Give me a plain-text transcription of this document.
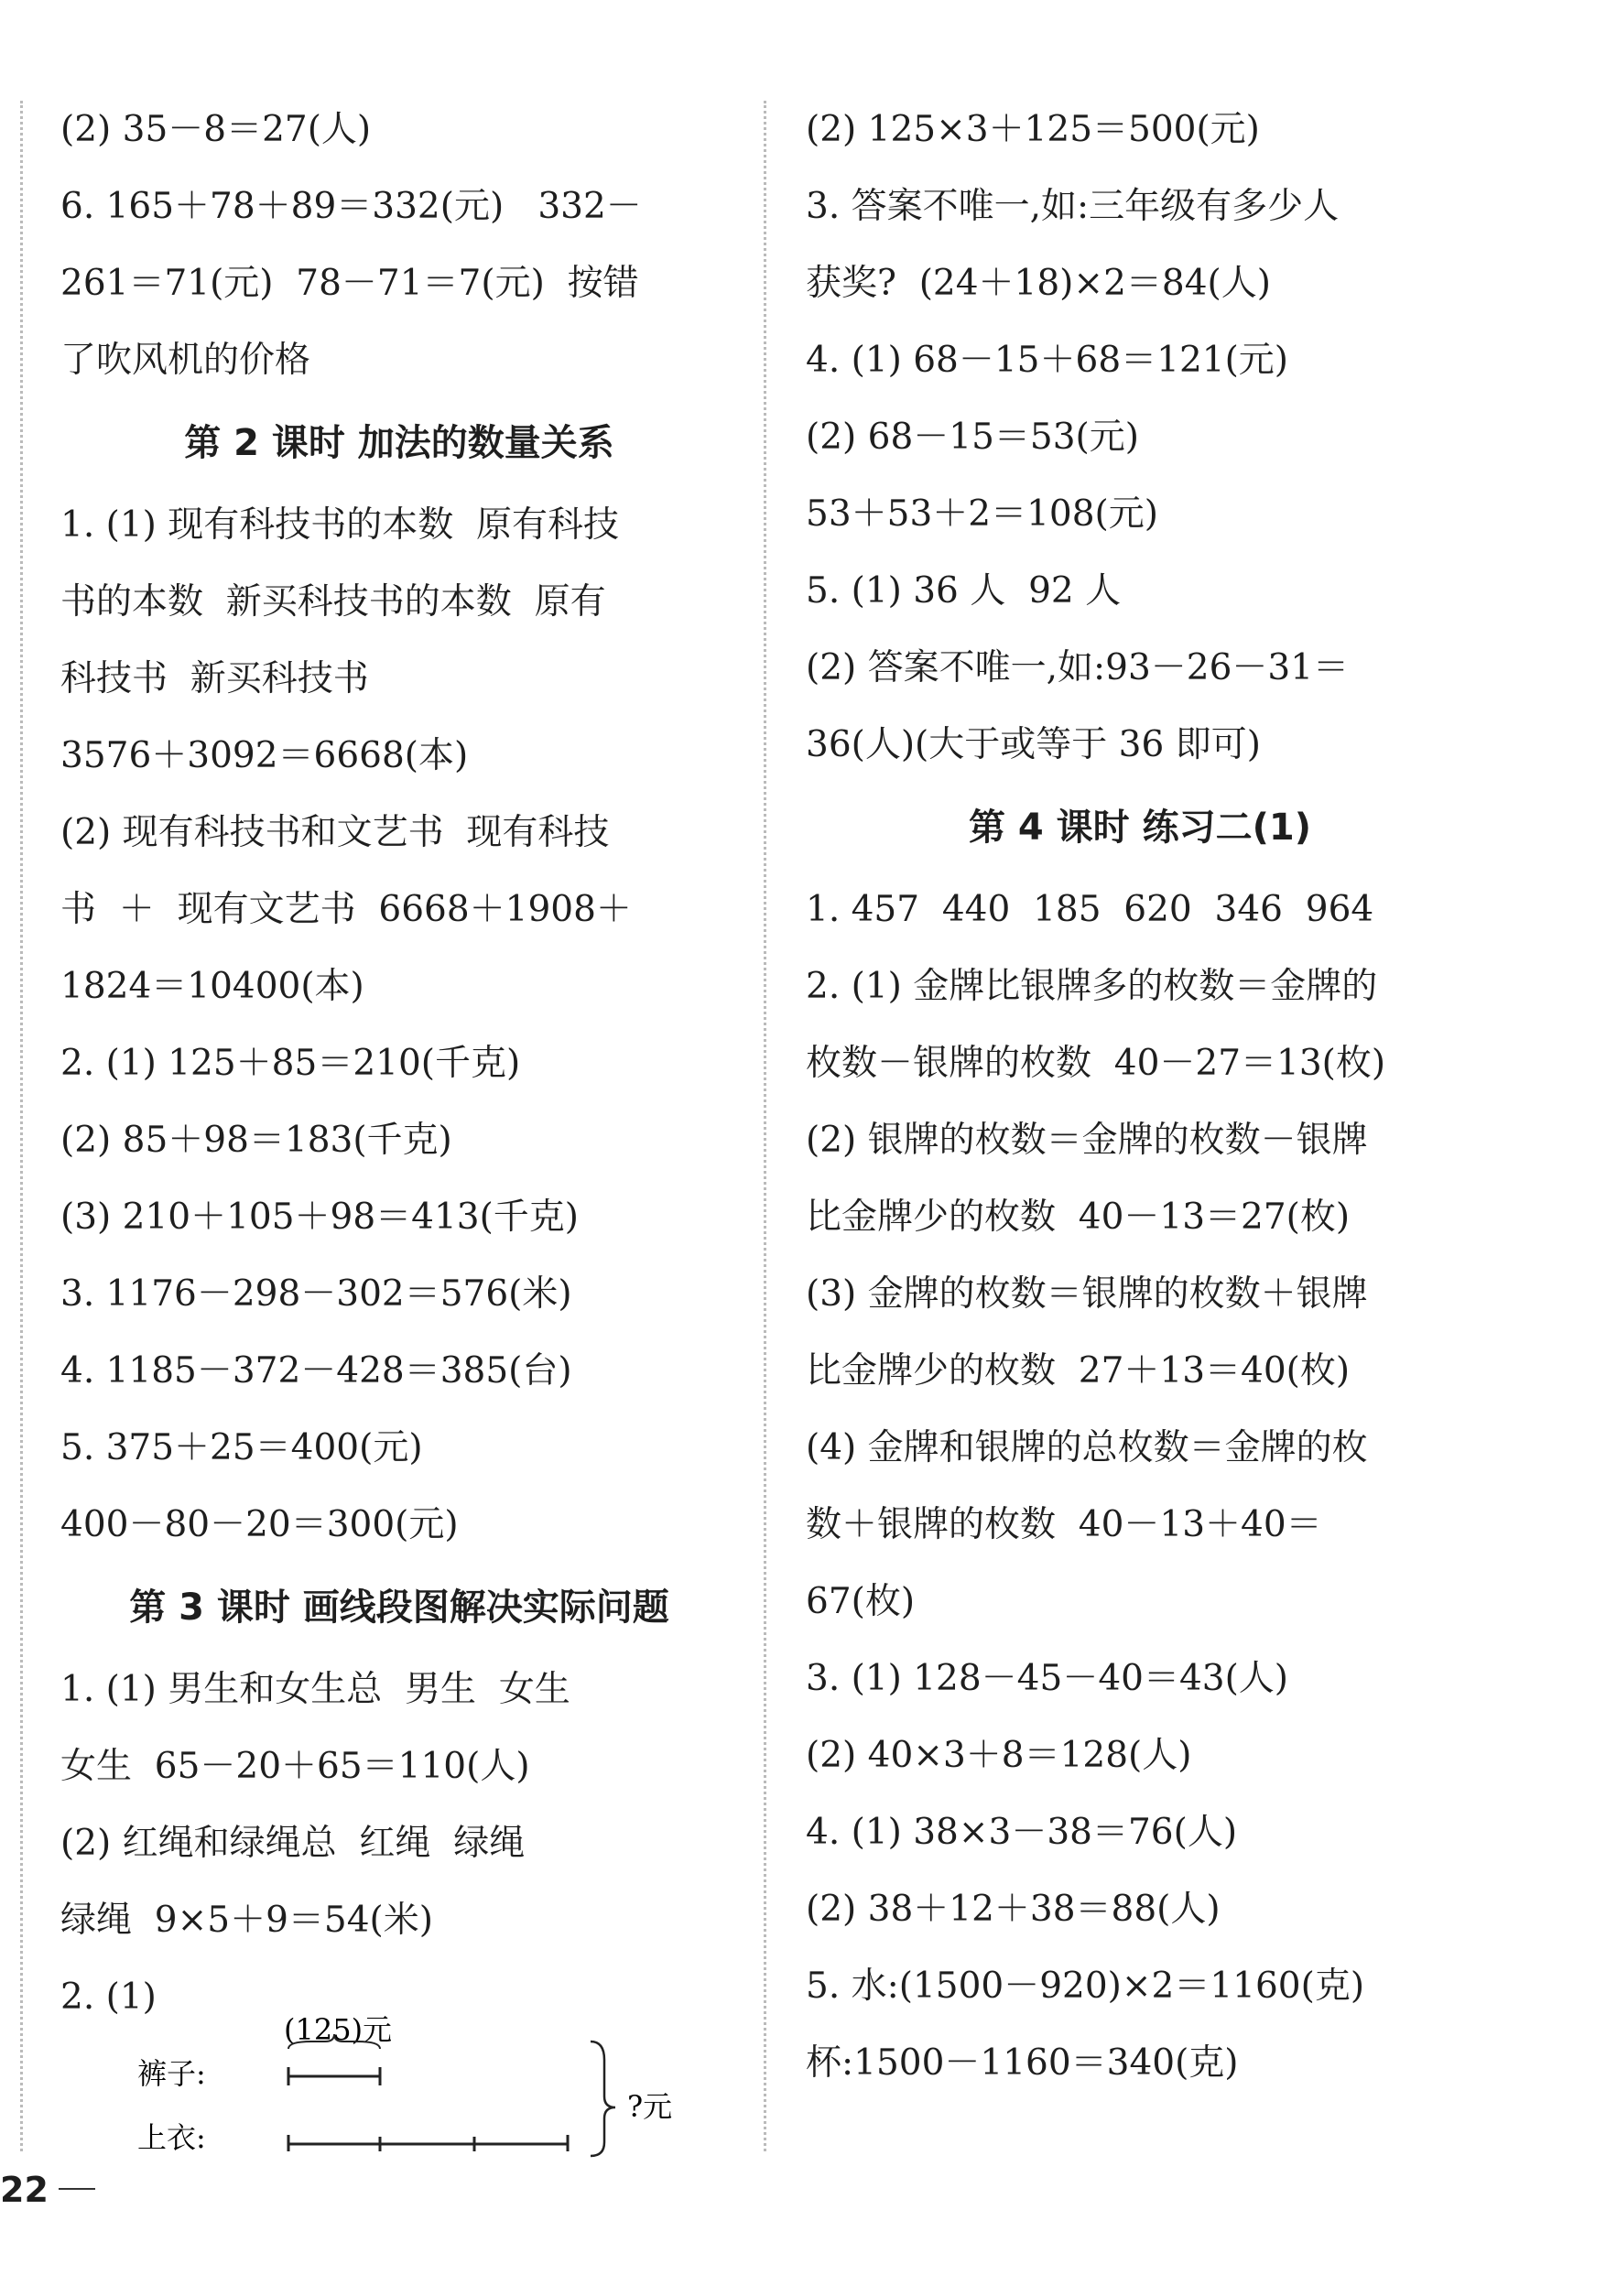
(2) 35－8＝27(人)
6. 165＋78＋89＝332(元)   332－
261＝71(元)  78－71＝7(元)  按错
了吹风机的价格
第 2 课时 加法的数量关系
1. (1) 现有科技书的本数  原有科技
书的本数  新买科技书的本数  原有
科技书  新买科技书
3576＋3092＝6668(本)
(2) 现有科技书和文艺书  现有科技
书  ＋  现有文艺书  6668＋1908＋
1824＝10400(本)
2. (1) 125＋85＝210(千克)
(2) 85＋98＝183(千克)
(3) 210＋105＋98＝413(千克)
3. 1176－298－302＝576(米)
4. 1185－372－428＝385(台)
5. 375＋25＝400(元)
400－80－20＝300(元)
第 3 课时 画线段图解决实际问题
1. (1) 男生和女生总  男生  女生
女生  65－20＋65＝110(人)
(2) 红绳和绿绳总  红绳  绿绳
绿绳  9×5＋9＝54(米)
2. (1)
(2) 125×3＋125＝500(元)
3. 答案不唯一,如:三年级有多少人
获奖?  (24＋18)×2＝84(人)
4. (1) 68－15＋68＝121(元)
(2) 68－15＝53(元)
53＋53＋2＝108(元)
5. (1) 36 人  92 人
(2) 答案不唯一,如:93－26－31＝
36(人)(大于或等于 36 即可)
第 4 课时 练习二(1)
1. 457  440  185  620  346  964
2. (1) 金牌比银牌多的枚数＝金牌的
枚数－银牌的枚数  40－27＝13(枚)
(2) 银牌的枚数＝金牌的枚数－银牌
比金牌少的枚数  40－13＝27(枚)
(3) 金牌的枚数＝银牌的枚数＋银牌
比金牌少的枚数  27＋13＝40(枚)
(4) 金牌和银牌的总枚数＝金牌的枚
数＋银牌的枚数  40－13＋40＝
67(枚)
3. (1) 128－45－40＝43(人)
(2) 40×3＋8＝128(人)
4. (1) 38×3－38＝76(人)
(2) 38＋12＋38＝88(人)
5. 水:(1500－920)×2＝1160(克)
杯:1500－1160＝340(克)
(125)元
裤子:
上衣:
?元
22
